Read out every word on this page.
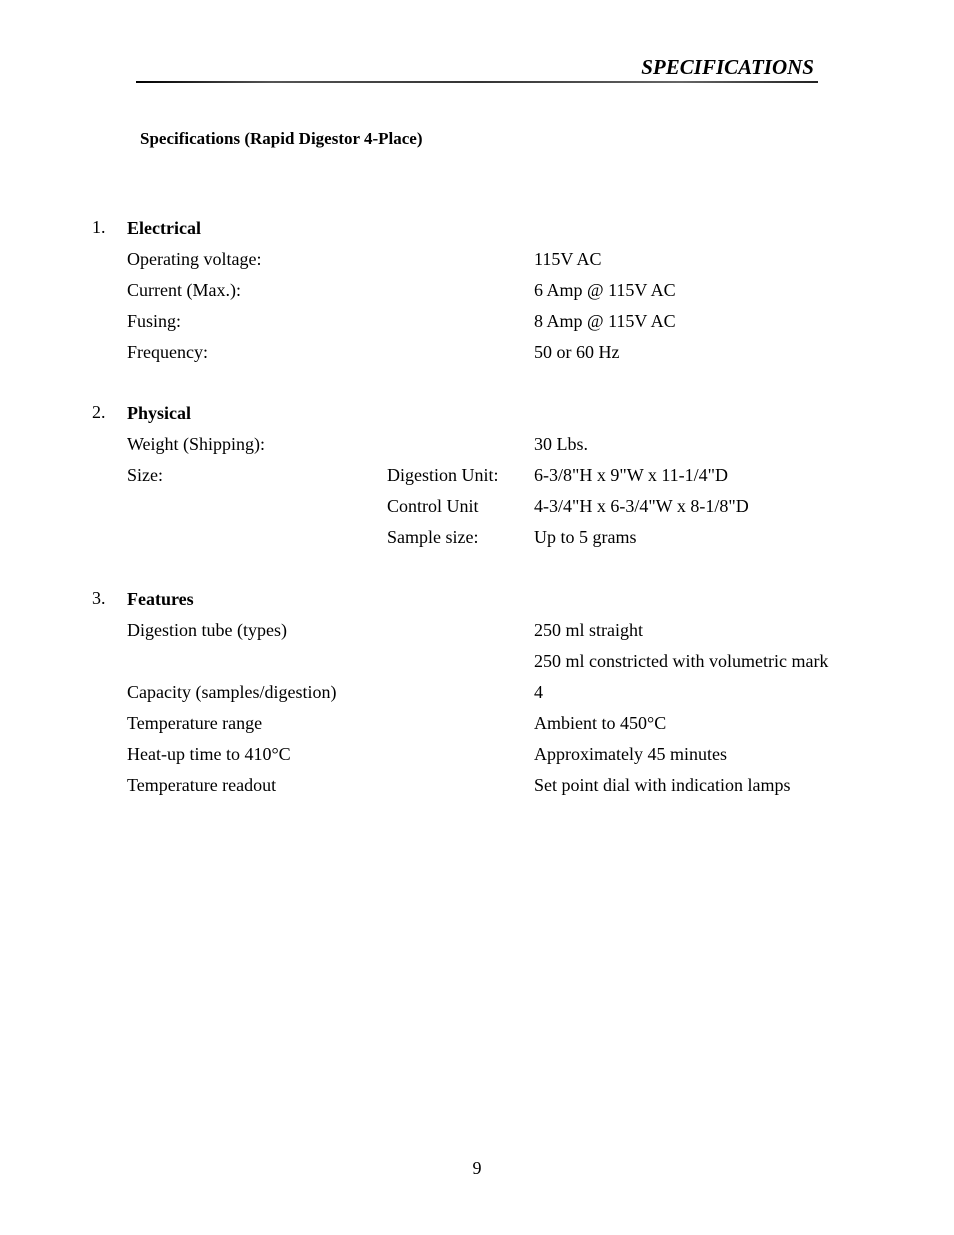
SPECIFICATIONS
Specifications (Rapid Digestor 4-Place)
1. Electrical
Operating voltage:	115V AC
Current (Max.):	6 Amp @ 115V AC
Fusing:	8 Amp @ 115V AC
Frequency:	50 or 60 Hz
2. Physical
Weight (Shipping):	30 Lbs.
Size:	Digestion Unit: 6-3/8"H x 9"W x 11-1/4"D
Control Unit	4-3/4"H x 6-3/4"W x 8-1/8"D
Sample size:	Up to 5 grams
3. Features
Digestion tube (types)	250 ml straight
250 ml constricted with volumetric mark
Capacity (samples/digestion)	4
Temperature range	Ambient to 450°C
Heat-up time to 410°C	Approximately 45 minutes
Temperature readout	Set point dial with indication lamps
9
